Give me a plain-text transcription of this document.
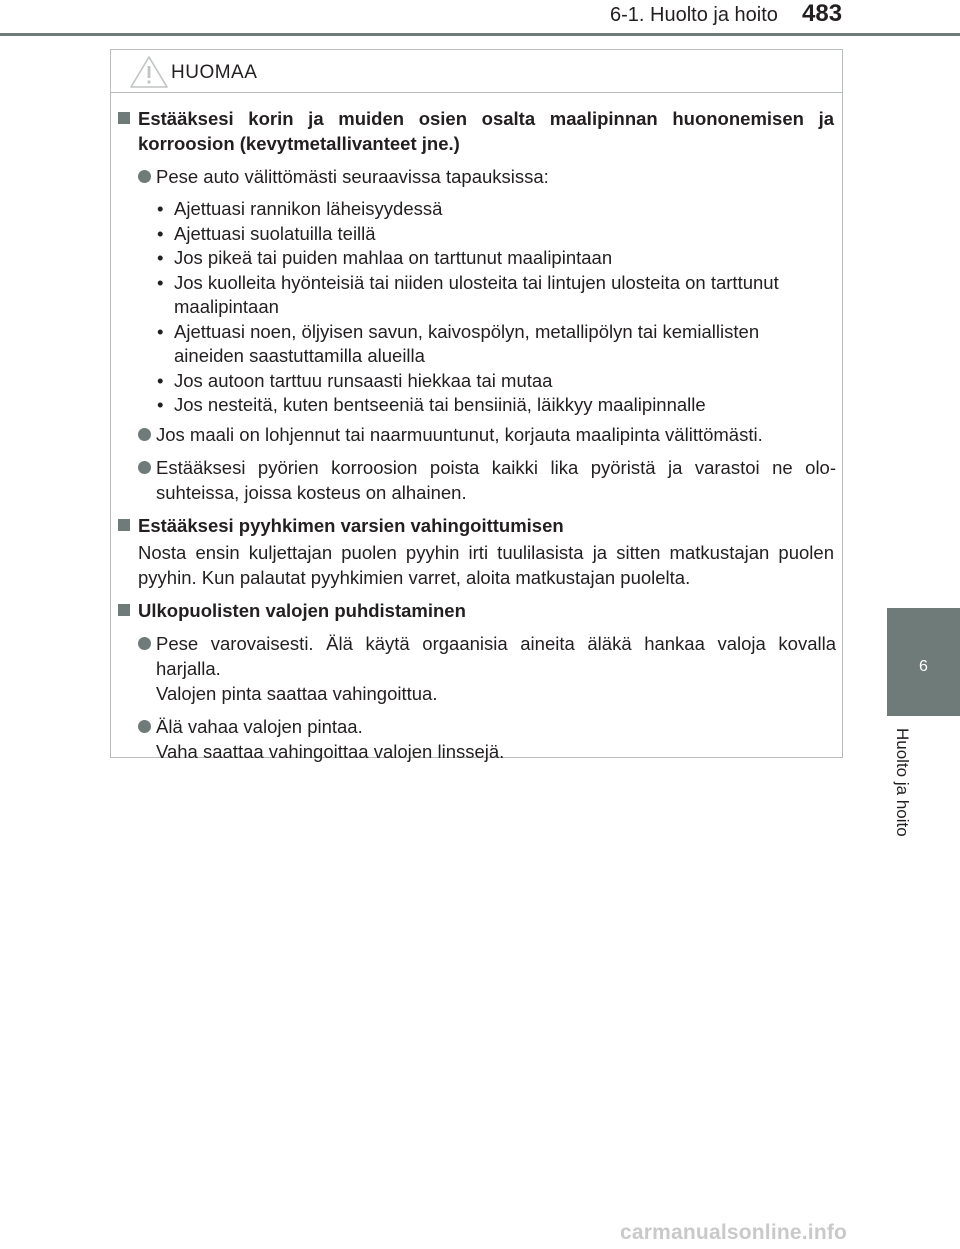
6-1. Huolto ja hoito 483
6
Huolto ja hoito
HUOMAA
Estääksesi korin ja muiden osien osalta maalipinnan huononemisen ja korroosion (kevytmetallivanteet jne.)
Pese auto välittömästi seuraavissa tapauksissa:
• Ajettuasi rannikon läheisyydessä
• Ajettuasi suolatuilla teillä
• Jos pikeä tai puiden mahlaa on tarttunut maalipintaan
• Jos kuolleita hyönteisiä tai niiden ulosteita tai lintujen ulosteita on tarttunut maalipintaan
• Ajettuasi noen, öljyisen savun, kaivospölyn, metallipölyn tai kemiallisten aineiden saastuttamilla alueilla
• Jos autoon tarttuu runsaasti hiekkaa tai mutaa
• Jos nesteitä, kuten bentseeniä tai bensiiniä, läikkyy maalipinnalle
Jos maali on lohjennut tai naarmuuntunut, korjauta maalipinta välittömästi.
Estääksesi pyörien korroosion poista kaikki lika pyöristä ja varastoi ne olo-suhteissa, joissa kosteus on alhainen.
Estääksesi pyyhkimen varsien vahingoittumisen
Nosta ensin kuljettajan puolen pyyhin irti tuulilasista ja sitten matkustajan puolen pyyhin. Kun palautat pyyhkimien varret, aloita matkustajan puolelta.
Ulkopuolisten valojen puhdistaminen
Pese varovaisesti. Älä käytä orgaanisia aineita äläkä hankaa valoja kovalla harjalla.
Valojen pinta saattaa vahingoittua.
Älä vahaa valojen pintaa.
Vaha saattaa vahingoittaa valojen linssejä.
carmanualsonline.info
